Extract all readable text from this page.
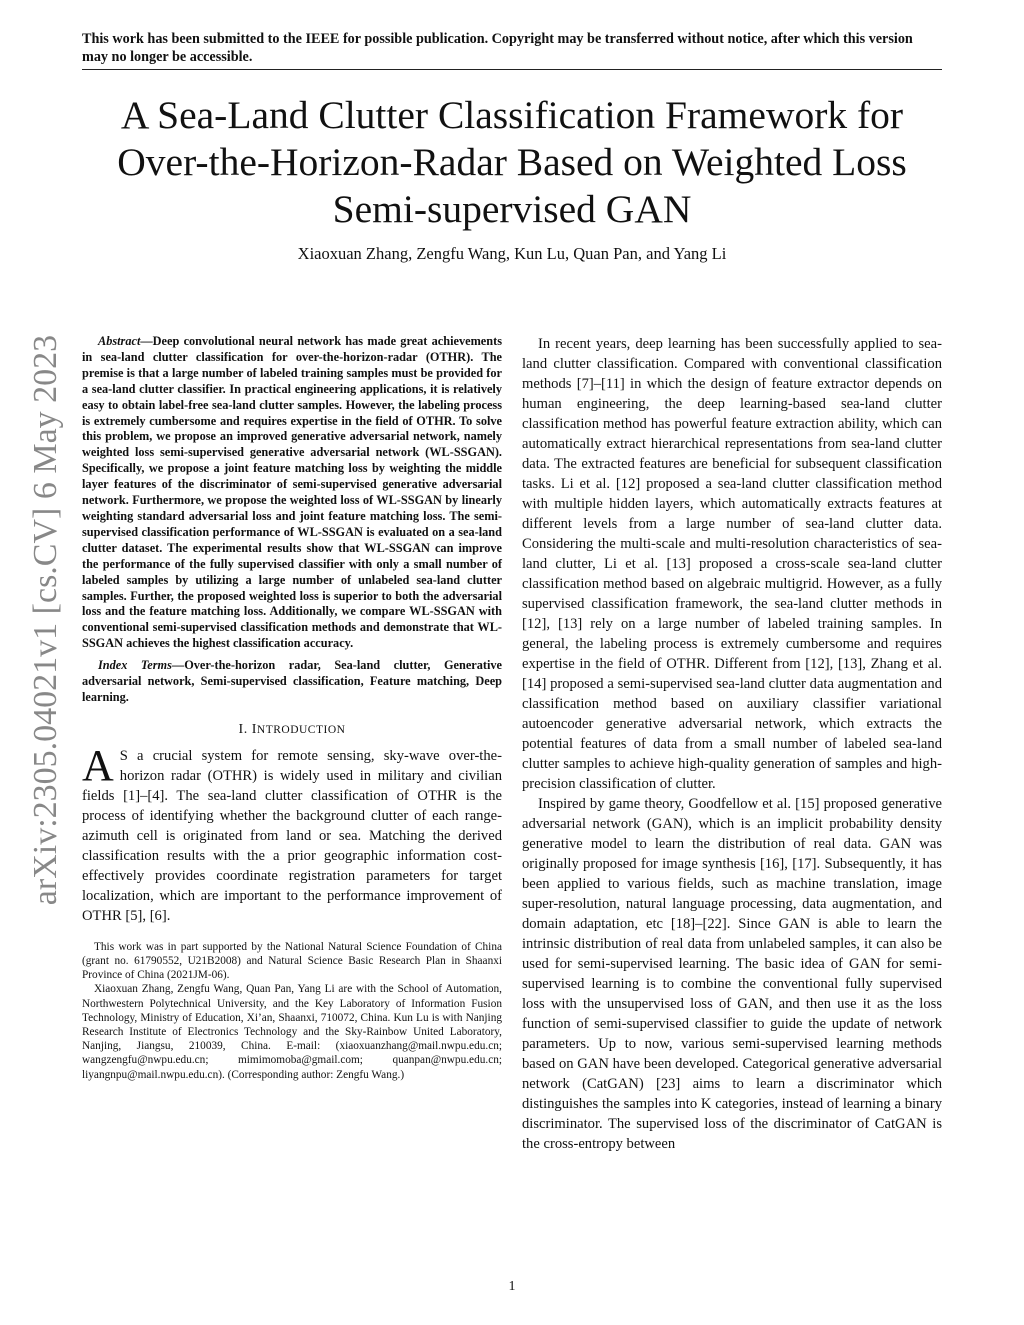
This work has been submitted to the IEEE for possible publication. Copyright may be transferred without notice, after which this version may no longer be accessible.
A Sea-Land Clutter Classification Framework for Over-the-Horizon-Radar Based on Weighted Loss Semi-supervised GAN
Xiaoxuan Zhang, Zengfu Wang, Kun Lu, Quan Pan, and Yang Li
arXiv:2305.04021v1 [cs.CV] 6 May 2023	Abstract—Deep convolutional neural network has made great achievements in sea-land clutter classification for over-the-horizon-radar (OTHR). The premise is that a large number of labeled training samples must be provided for a sea-land clutter classifier. In practical engineering applications, it is relatively easy to obtain label-free sea-land clutter samples. However, the labeling process is extremely cumbersome and requires expertise in the field of OTHR. To solve this problem, we propose an improved generative adversarial network, namely weighted loss semi-supervised generative adversarial network (WL-SSGAN). Specifically, we propose a joint feature matching loss by weighting the middle layer features of the discriminator of semi-supervised generative adversarial network. Furthermore, we propose the weighted loss of WL-SSGAN by linearly weighting standard adversarial loss and joint feature matching loss. The semi-supervised classification performance of WL-SSGAN is evaluated on a sea-land clutter dataset. The experimental results show that WL-SSGAN can improve the performance of the fully supervised classifier with only a small number of labeled samples by utilizing a large number of unlabeled sea-land clutter samples. Further, the proposed weighted loss is superior to both the adversarial loss and the feature matching loss. Additionally, we compare WL-SSGAN with conventional semi-supervised classification methods and demonstrate that WL-SSGAN achieves the highest classification accuracy.

Index Terms—Over-the-horizon radar, Sea-land clutter, Generative adversarial network, Semi-supervised classification, Feature matching, Deep learning.

I. INTRODUCTION

A S a crucial system for remote sensing, sky-wave over-the-horizon radar (OTHR) is widely used in military and civilian fields [1]–[4]. The sea-land clutter classification of OTHR is the process of identifying whether the background clutter of each range-azimuth cell is originated from land or sea. Matching the derived classification results with the a prior geographic information cost-effectively provides coordinate registration parameters for target localization, which are important to the performance improvement of OTHR [5], [6].

This work was in part supported by the National Natural Science Foundation of China (grant no. 61790552, U21B2008) and Natural Science Basic Research Plan in Shaanxi Province of China (2021JM-06).

Xiaoxuan Zhang, Zengfu Wang, Quan Pan, Yang Li are with the School of Automation, Northwestern Polytechnical University, and the Key Laboratory of Information Fusion Technology, Ministry of Education, Xi’an, Shaanxi, 710072, China. Kun Lu is with Nanjing Research Institute of Electronics Technology and the Sky-Rainbow United Laboratory, Nanjing, Jiangsu, 210039, China. E-mail: (xiaoxuanzhang@mail.nwpu.edu.cn; wangzengfu@nwpu.edu.cn; mimimomoba@gmail.com; quanpan@nwpu.edu.cn; liyangnpu@mail.nwpu.edu.cn). (Corresponding author: Zengfu Wang.)

In recent years, deep learning has been successfully applied to sea-land clutter classification. Compared with conventional classification methods [7]–[11] in which the design of feature extractor depends on human engineering, the deep learning-based sea-land clutter classification method has powerful feature extraction ability, which can automatically extract hierarchical representations from sea-land clutter data. The extracted features are beneficial for subsequent classification tasks. Li et al. [12] proposed a sea-land clutter classification method with multiple hidden layers, which automatically extracts features at different levels from a large number of sea-land clutter data. Considering the multi-scale and multi-resolution characteristics of sea-land clutter, Li et al. [13] proposed a cross-scale sea-land clutter classification method based on algebraic multigrid. However, as a fully supervised classification framework, the sea-land clutter methods in [12], [13] rely on a large number of labeled training samples. In general, the labeling process is extremely cumbersome and requires expertise in the field of OTHR. Different from [12], [13], Zhang et al. [14] proposed a semi-supervised sea-land clutter data augmentation and classification method based on auxiliary classifier variational autoencoder generative adversarial network, which extracts the potential features of data from a small number of labeled sea-land clutter samples to achieve high-quality generation of samples and high-precision classification of clutter.

Inspired by game theory, Goodfellow et al. [15] proposed generative adversarial network (GAN), which is an implicit probability density generative model to learn the distribution of real data. GAN was originally proposed for image synthesis [16], [17]. Subsequently, it has been applied to various fields, such as machine translation, image super-resolution, natural language processing, data augmentation, and domain adaptation, etc [18]–[22]. Since GAN is able to learn the intrinsic distribution of real data from unlabeled samples, it can also be used for semi-supervised learning. The basic idea of GAN for semi-supervised learning is to combine the conventional fully supervised loss with the unsupervised loss of GAN, and then use it as the loss function of semi-supervised classifier to guide the update of network parameters. Up to now, various semi-supervised learning methods based on GAN have been developed. Categorical generative adversarial network (CatGAN) [23] aims to learn a discriminator which distinguishes the samples into K categories, instead of learning a binary discriminator. The supervised loss of the discriminator of CatGAN is the cross-entropy between

1
